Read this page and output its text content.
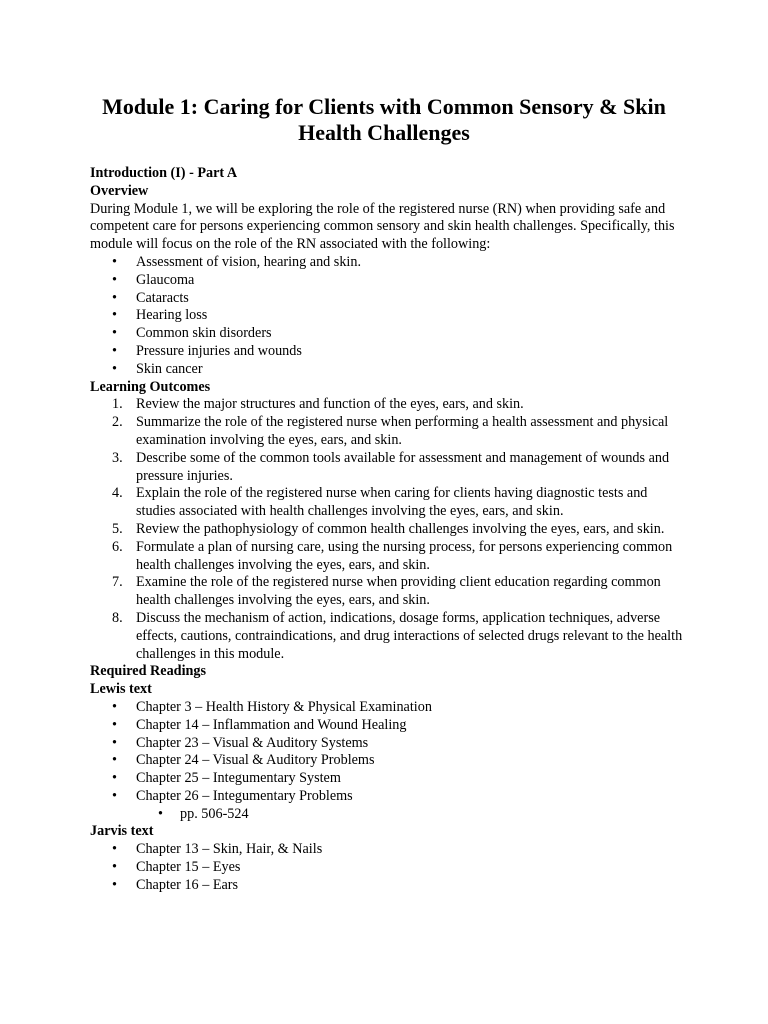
Module 1: Caring for Clients with Common Sensory & Skin Health Challenges

Introduction (I) - Part A

Overview

During Module 1, we will be exploring the role of the registered nurse (RN) when providing safe and competent care for persons experiencing common sensory and skin health challenges. Specifically, this module will focus on the role of the RN associated with the following:

• Assessment of vision, hearing and skin.
• Glaucoma
• Cataracts
• Hearing loss
• Common skin disorders
• Pressure injuries and wounds
• Skin cancer

Learning Outcomes

1. Review the major structures and function of the eyes, ears, and skin.
2. Summarize the role of the registered nurse when performing a health assessment and physical examination involving the eyes, ears, and skin.
3. Describe some of the common tools available for assessment and management of wounds and pressure injuries.
4. Explain the role of the registered nurse when caring for clients having diagnostic tests and studies associated with health challenges involving the eyes, ears, and skin.
5. Review the pathophysiology of common health challenges involving the eyes, ears, and skin.
6. Formulate a plan of nursing care, using the nursing process, for persons experiencing common health challenges involving the eyes, ears, and skin.
7. Examine the role of the registered nurse when providing client education regarding common health challenges involving the eyes, ears, and skin.
8. Discuss the mechanism of action, indications, dosage forms, application techniques, adverse effects, cautions, contraindications, and drug interactions of selected drugs relevant to the health challenges in this module.

Required Readings

Lewis text

• Chapter 3 – Health History & Physical Examination
• Chapter 14 – Inflammation and Wound Healing
• Chapter 23 – Visual & Auditory Systems
• Chapter 24 – Visual & Auditory Problems
• Chapter 25 – Integumentary System
• Chapter 26 – Integumentary Problems
• pp. 506-524

Jarvis text

• Chapter 13 – Skin, Hair, & Nails
• Chapter 15 – Eyes
• Chapter 16 – Ears
